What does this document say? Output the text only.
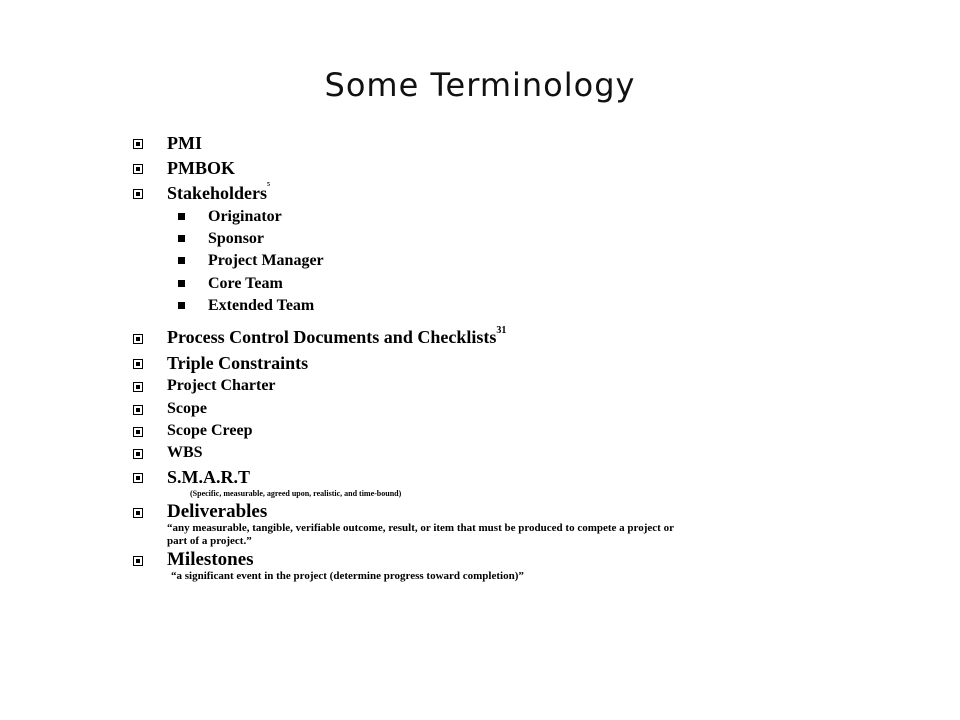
Some Terminology
PMI
PMBOK
Stakeholders$^5$
Originator
Sponsor
Project Manager
Core Team
Extended Team
Process Control Documents and Checklists$^{31}$
Triple Constraints
Project Charter
Scope
Scope Creep
WBS
S.M.A.R.T
(Specific, measurable, agreed upon, realistic, and time-bound)
Deliverables
“any measurable, tangible, verifiable outcome, result, or item that must be produced to compete a project or
part of a project.”
Milestones
“a significant event in the project (determine progress toward completion)”
